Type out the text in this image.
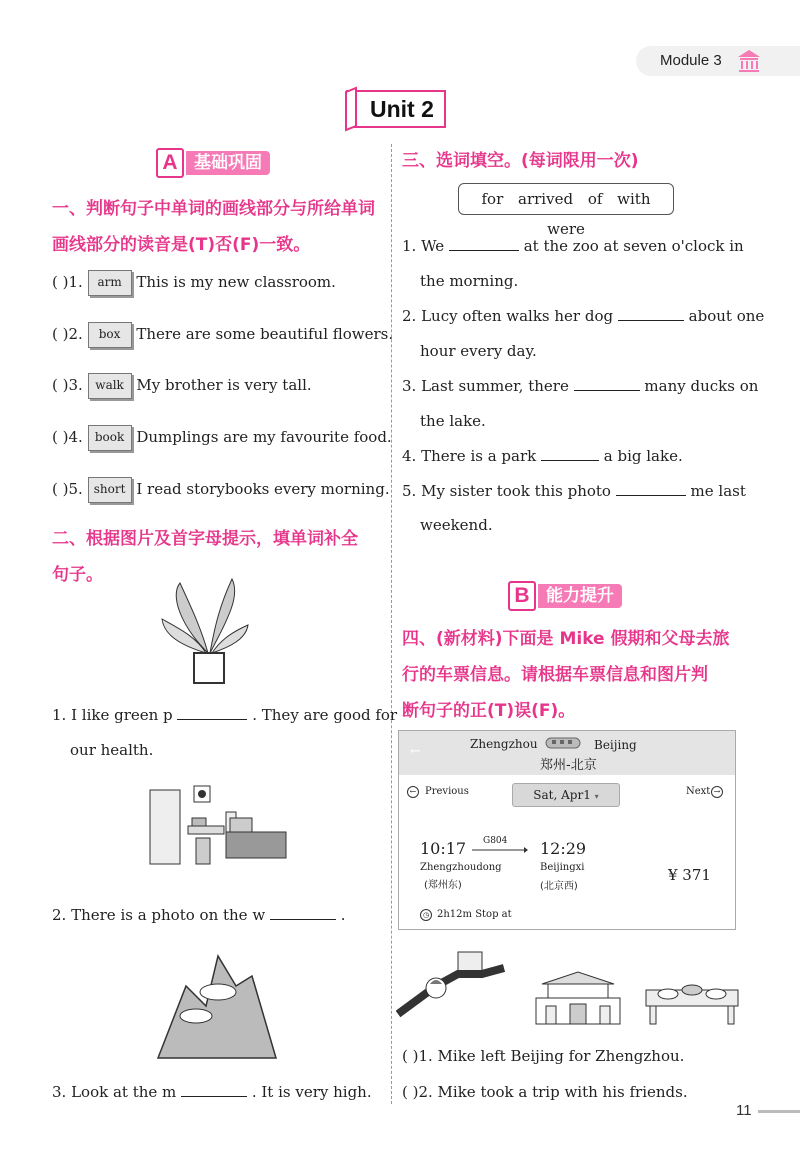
Module 3
Unit 2
A 基础巩固
一、判断句子中单词的画线部分与所给单词
画线部分的读音是(T)否(F)一致。
( )1. arm This is my new classroom.
( )2. box There are some beautiful flowers.
( )3. walk My brother is very tall.
( )4. book Dumplings are my favourite food.
( )5. short I read storybooks every morning.
二、根据图片及首字母提示，填单词补全
句子。
1. I like green p	. They are good for
our health.
2. There is a photo on the w	.
3. Look at the m	. It is very high.
三、选词填空。(每词限用一次)
for arrived of with were
1. We	at the zoo at seven o'clock in
the morning.
2. Lucy often walks her dog	about one
hour every day.
3. Last summer, there	many ducks on
the lake.
4. There is a park	a big lake.
5. My sister took this photo	me last
weekend.
B 能力提升
四、(新材料)下面是 Mike 假期和父母去旅
行的车票信息。请根据车票信息和图片判
断句子的正(T)误(F)。
←	Zhengzhou	Beijing
郑州-北京
← Previous	Sat, Apr1 ▾	Next →
10:17 G804 12:29
Zhengzhoudong	Beijingxi
(郑州东)	(北京西)
¥ 371
◷ 2h12m Stop at
( )1. Mike left Beijing for Zhengzhou.
( )2. Mike took a trip with his friends.
11
